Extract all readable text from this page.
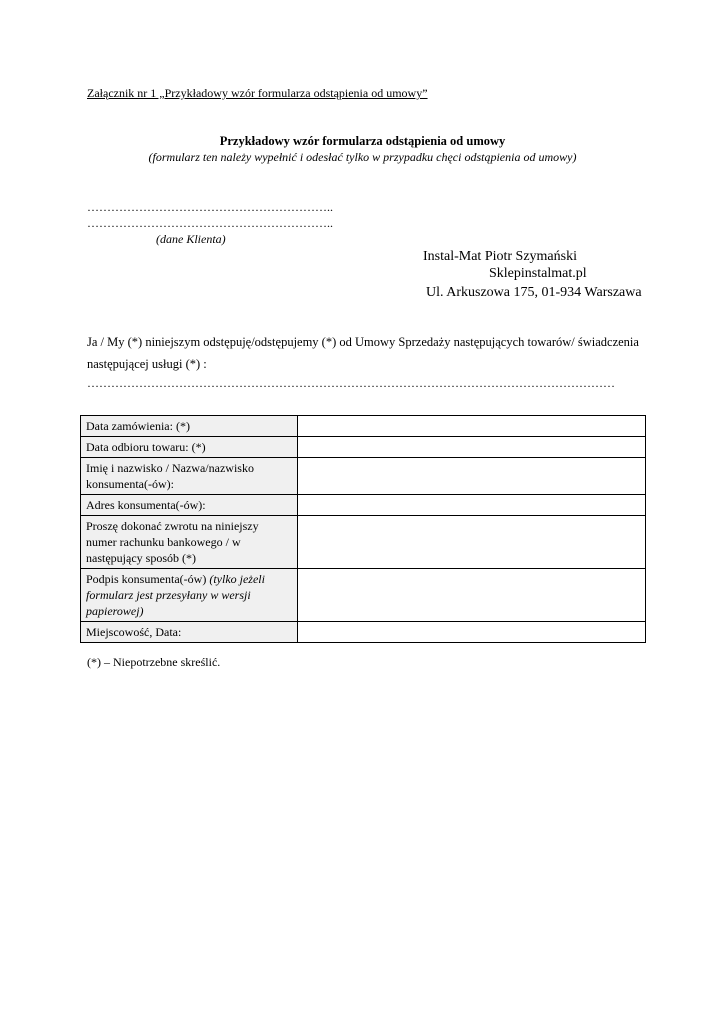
Załącznik nr 1 „Przykładowy wzór formularza odstąpienia od umowy”
Przykładowy wzór formularza odstąpienia od umowy
(formularz ten należy wypełnić i odesłać tylko w przypadku chęci odstąpienia od umowy)
……………………………………………………..
……………………………………………………..
(dane Klienta)
Instal-Mat Piotr Szymański
Sklepinstalmat.pl
Ul. Arkuszowa 175, 01-934 Warszawa
Ja / My (*) niniejszym odstępuję/odstępujemy (*) od Umowy Sprzedaży następujących towarów/ świadczenia następującej usługi (*) :
……………………………………………………………………………………………………………………
Data zamówienia: (*)	
Data odbioru towaru: (*)	
Imię i nazwisko / Nazwa/nazwisko konsumenta(-ów):	
Adres konsumenta(-ów):	
Proszę dokonać zwrotu na niniejszy numer rachunku bankowego / w następujący sposób (*)	
Podpis konsumenta(-ów) (tylko jeżeli formularz jest przesyłany w wersji papierowej)	
Miejscowość, Data:	
(*) – Niepotrzebne skreślić.
